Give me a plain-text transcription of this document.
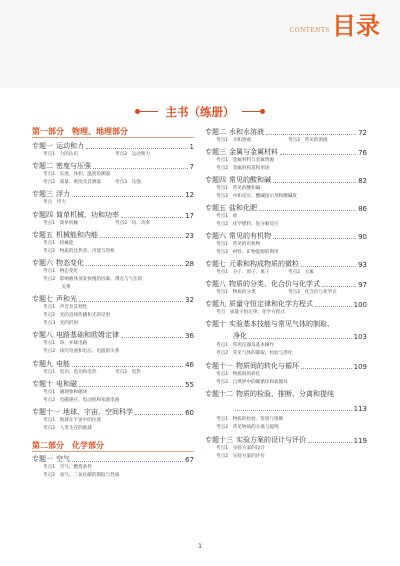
CONTENTS 目录
主书（练册）
第一部分　物理、地理部分
专题一 运动和力	1
考点1　力的认识	考点2　运动和力
专题二 密度与压强	7
考点1　长度、体积、温度的测量
考点2　质量、密度及其测量	考点3　压强
专题三 浮力	12
考点　浮力
专题四 简单机械、功和功率	17
考点1　简单机械	考点2　功、功率
专题五 机械能和内能	23
考点1　机械能
考点2　物质的比热容、内能与热机
专题六 物态变化	28
考点1　物态变化
考点2　影响液体蒸发快慢的因素、沸点与气压的
　　　　关系
专题七 声和光	32
考点1　声音及其特性
考点2　光的直线传播和光的反射
考点3　光的折射
专题八 电路基础和欧姆定律	36
考点1　串、并联电路
考点2　探究电流和电压、电阻的关系
专题九 电能	46
考点1　电功、电功和电热	考点2　电热
专题十 电和磁	55
考点1　磁现象和磁场
考点2　电磁感应、电动机和家庭电路
专题十一 地球、宇宙、空间科学	60
考点1　地球在宇宙中的位置
考点2　人类生存的地球
第二部分　化学部分
专题一 空气	67
考点1　空气、燃烧条件
考点2　氧气、二氧化碳的制取与性质
专题二 水和水溶液	72
考点1　水和溶液	考点2　常见的溶液
专题三 金属与金属材料	76
考点1　金属材料与金属资源
考点2　金属的构造和用途
专题四 常见的酸和碱	82
考点1　常见的酸和碱
考点2　中和反应、酸碱指示剂和酸碱度
专题五 盐和化肥	86
考点1　盐
考点2　化学肥料、复分解反应
专题六 常见的有机物	90
考点1　常见的有机物
考点2　材料、矿物能源的利用
专题七 元素和构成物质的微粒	93
考点1　分子、原子、离子	考点2　元素
专题八 物质的分类、化合价与化学式	97
考点1　物质的分类	考点2　化合价与化学式
专题九 质量守恒定律和化学方程式	100
考点　质量守恒定律、化学方程式
专题十 实验基本技能与常见气体的制取、
净化	103
考点1　常用仪器及基本操作
考点2　常见气体的制取、检验与净化
专题十一 物质间的转化与循环	109
考点1　物质间的转化
考点2　自然界中的碳循环和氧循环
专题十二 物质的检验、推断、分离和提纯
113
考点1　物质的检验、鉴别与推断
考点2　常见物质的分离与提纯
专题十三 实验方案的设计与评价	119
考点1　实验方案的设计
考点2　实验方案的评价
1
